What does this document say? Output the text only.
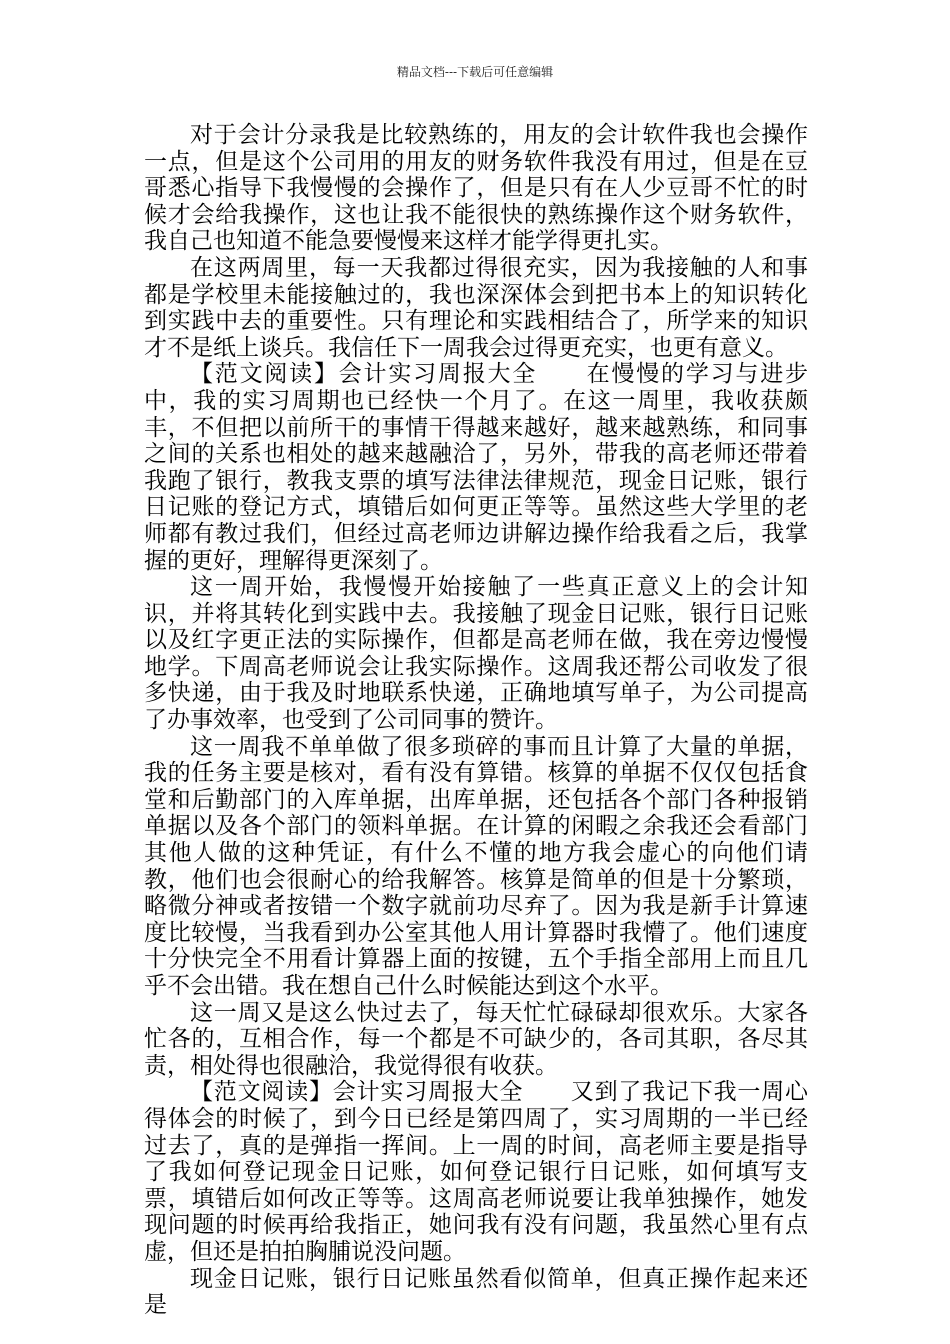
精品文档---下载后可任意编辑

对于会计分录我是比较熟练的，用友的会计软件我也会操作一点，但是这个公司用的用友的财务软件我没有用过，但是在豆哥悉心指导下我慢慢的会操作了，但是只有在人少豆哥不忙的时候才会给我操作，这也让我不能很快的熟练操作这个财务软件，我自己也知道不能急要慢慢来这样才能学得更扎实。

在这两周里，每一天我都过得很充实，因为我接触的人和事都是学校里未能接触过的，我也深深体会到把书本上的知识转化到实践中去的重要性。只有理论和实践相结合了，所学来的知识才不是纸上谈兵。我信任下一周我会过得更充实，也更有意义。

【范文阅读】会计实习周报大全　　在慢慢的学习与进步中，我的实习周期也已经快一个月了。在这一周里，我收获颇丰，不但把以前所干的事情干得越来越好，越来越熟练，和同事之间的关系也相处的越来越融洽了，另外，带我的高老师还带着我跑了银行，教我支票的填写法律法律规范，现金日记账，银行日记账的登记方式，填错后如何更正等等。虽然这些大学里的老师都有教过我们，但经过高老师边讲解边操作给我看之后，我掌握的更好，理解得更深刻了。

这一周开始，我慢慢开始接触了一些真正意义上的会计知识，并将其转化到实践中去。我接触了现金日记账，银行日记账以及红字更正法的实际操作，但都是高老师在做，我在旁边慢慢地学。下周高老师说会让我实际操作。这周我还帮公司收发了很多快递，由于我及时地联系快递，正确地填写单子，为公司提高了办事效率，也受到了公司同事的赞许。

这一周我不单单做了很多琐碎的事而且计算了大量的单据，我的任务主要是核对，看有没有算错。核算的单据不仅仅包括食堂和后勤部门的入库单据，出库单据，还包括各个部门各种报销单据以及各个部门的领料单据。在计算的闲暇之余我还会看部门其他人做的这种凭证，有什么不懂的地方我会虚心的向他们请教，他们也会很耐心的给我解答。核算是简单的但是十分繁琐，略微分神或者按错一个数字就前功尽弃了。因为我是新手计算速度比较慢，当我看到办公室其他人用计算器时我懵了。他们速度十分快完全不用看计算器上面的按键，五个手指全部用上而且几乎不会出错。我在想自己什么时候能达到这个水平。

这一周又是这么快过去了，每天忙忙碌碌却很欢乐。大家各忙各的，互相合作，每一个都是不可缺少的，各司其职，各尽其责，相处得也很融洽，我觉得很有收获。

【范文阅读】会计实习周报大全　　又到了我记下我一周心得体会的时候了，到今日已经是第四周了，实习周期的一半已经过去了，真的是弹指一挥间。上一周的时间，高老师主要是指导了我如何登记现金日记账，如何登记银行日记账，如何填写支票，填错后如何改正等等。这周高老师说要让我单独操作，她发现问题的时候再给我指正，她问我有没有问题，我虽然心里有点虚，但还是拍拍胸脯说没问题。

现金日记账，银行日记账虽然看似简单，但真正操作起来还是
